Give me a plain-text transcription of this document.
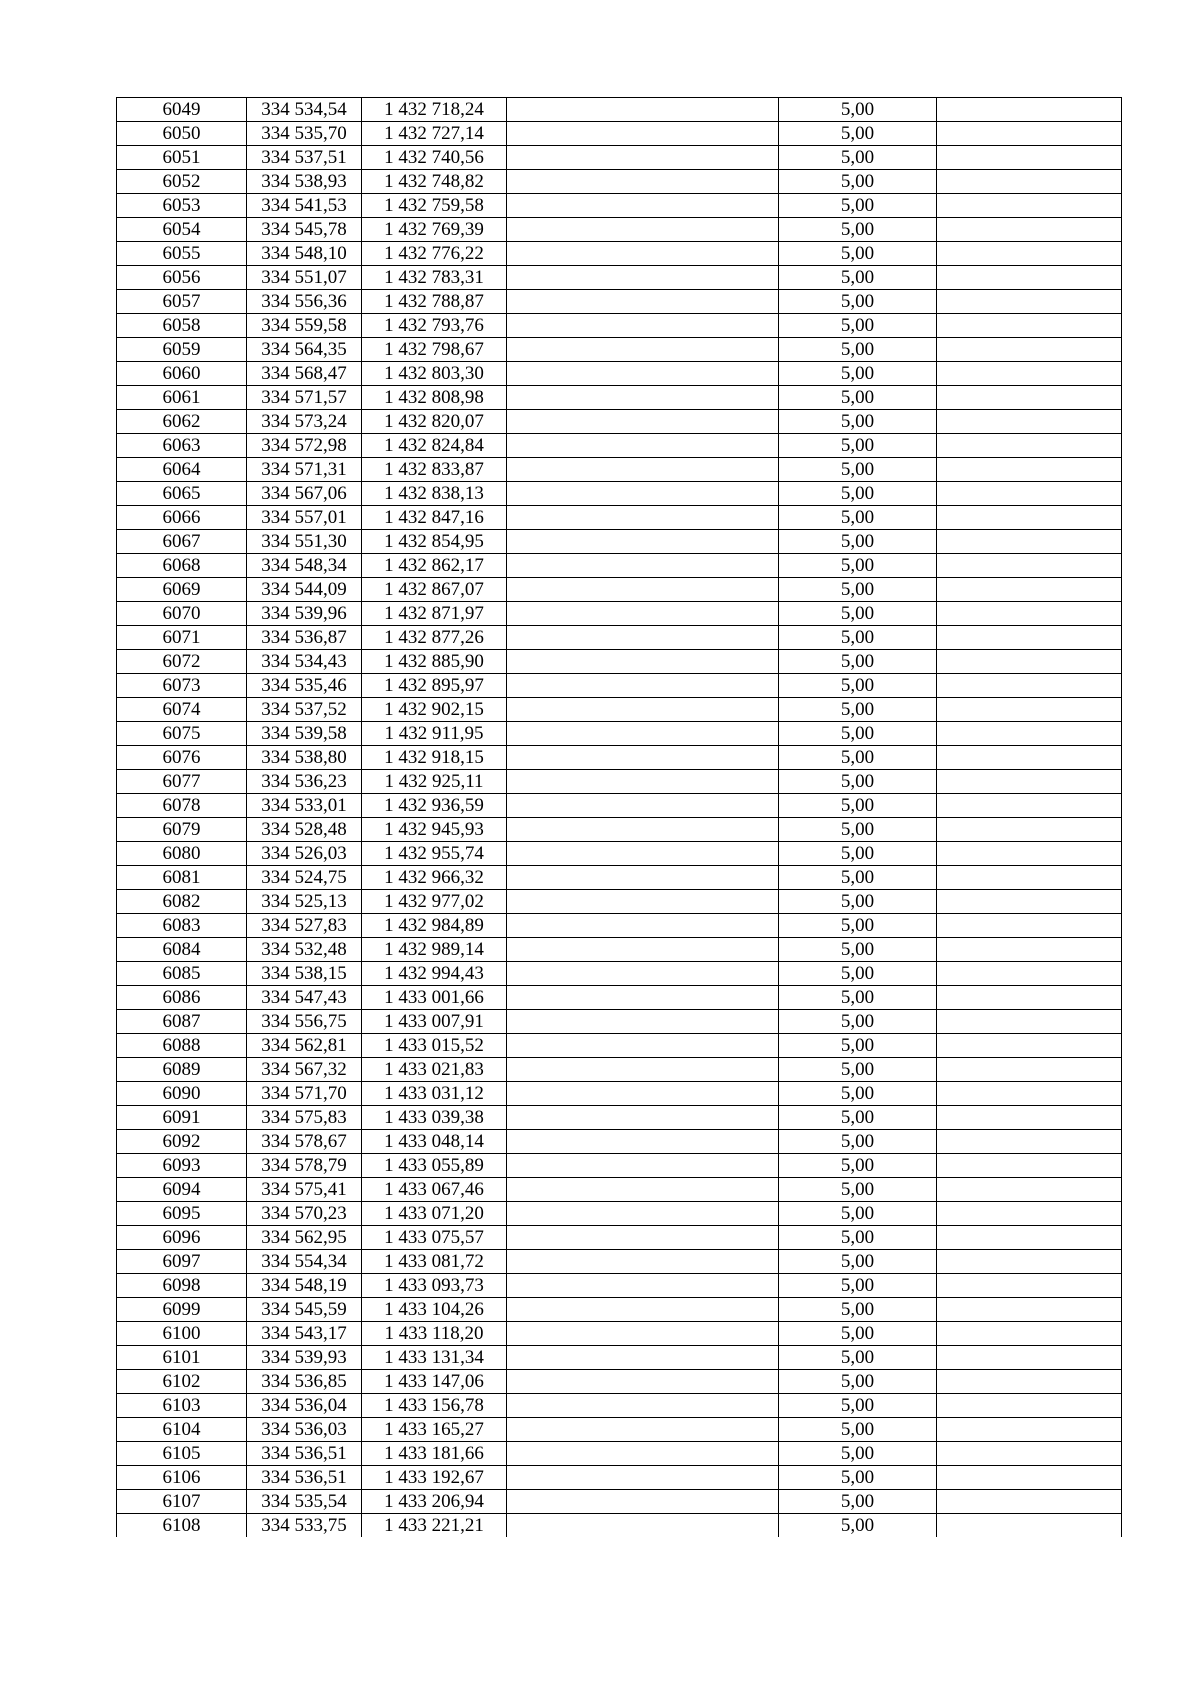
6049	334 534,54	1 432 718,24		5,00	
6050	334 535,70	1 432 727,14		5,00	
6051	334 537,51	1 432 740,56		5,00	
6052	334 538,93	1 432 748,82		5,00	
6053	334 541,53	1 432 759,58		5,00	
6054	334 545,78	1 432 769,39		5,00	
6055	334 548,10	1 432 776,22		5,00	
6056	334 551,07	1 432 783,31		5,00	
6057	334 556,36	1 432 788,87		5,00	
6058	334 559,58	1 432 793,76		5,00	
6059	334 564,35	1 432 798,67		5,00	
6060	334 568,47	1 432 803,30		5,00	
6061	334 571,57	1 432 808,98		5,00	
6062	334 573,24	1 432 820,07		5,00	
6063	334 572,98	1 432 824,84		5,00	
6064	334 571,31	1 432 833,87		5,00	
6065	334 567,06	1 432 838,13		5,00	
6066	334 557,01	1 432 847,16		5,00	
6067	334 551,30	1 432 854,95		5,00	
6068	334 548,34	1 432 862,17		5,00	
6069	334 544,09	1 432 867,07		5,00	
6070	334 539,96	1 432 871,97		5,00	
6071	334 536,87	1 432 877,26		5,00	
6072	334 534,43	1 432 885,90		5,00	
6073	334 535,46	1 432 895,97		5,00	
6074	334 537,52	1 432 902,15		5,00	
6075	334 539,58	1 432 911,95		5,00	
6076	334 538,80	1 432 918,15		5,00	
6077	334 536,23	1 432 925,11		5,00	
6078	334 533,01	1 432 936,59		5,00	
6079	334 528,48	1 432 945,93		5,00	
6080	334 526,03	1 432 955,74		5,00	
6081	334 524,75	1 432 966,32		5,00	
6082	334 525,13	1 432 977,02		5,00	
6083	334 527,83	1 432 984,89		5,00	
6084	334 532,48	1 432 989,14		5,00	
6085	334 538,15	1 432 994,43		5,00	
6086	334 547,43	1 433 001,66		5,00	
6087	334 556,75	1 433 007,91		5,00	
6088	334 562,81	1 433 015,52		5,00	
6089	334 567,32	1 433 021,83		5,00	
6090	334 571,70	1 433 031,12		5,00	
6091	334 575,83	1 433 039,38		5,00	
6092	334 578,67	1 433 048,14		5,00	
6093	334 578,79	1 433 055,89		5,00	
6094	334 575,41	1 433 067,46		5,00	
6095	334 570,23	1 433 071,20		5,00	
6096	334 562,95	1 433 075,57		5,00	
6097	334 554,34	1 433 081,72		5,00	
6098	334 548,19	1 433 093,73		5,00	
6099	334 545,59	1 433 104,26		5,00	
6100	334 543,17	1 433 118,20		5,00	
6101	334 539,93	1 433 131,34		5,00	
6102	334 536,85	1 433 147,06		5,00	
6103	334 536,04	1 433 156,78		5,00	
6104	334 536,03	1 433 165,27		5,00	
6105	334 536,51	1 433 181,66		5,00	
6106	334 536,51	1 433 192,67		5,00	
6107	334 535,54	1 433 206,94		5,00	
6108	334 533,75	1 433 221,21		5,00	
